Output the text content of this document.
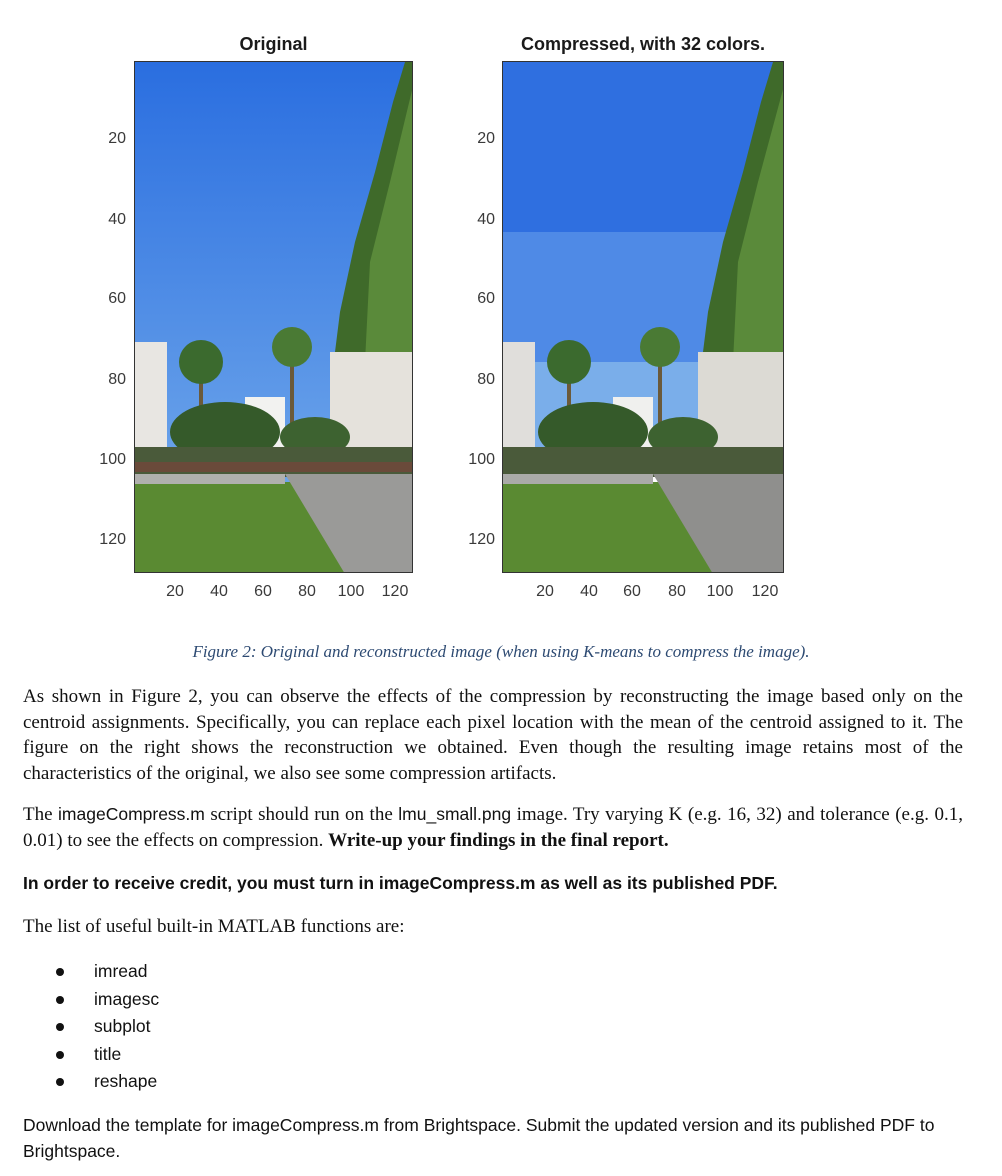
Original	Compressed, with 32 colors.
20
40
60
80
100
120
20
40
60
80
100
120
20	40	60	80	100	120	20	40	60	80	100	120
Figure 2: Original and reconstructed image (when using K-means to compress the image).
As shown in Figure 2, you can observe the effects of the compression by reconstructing the image based only on the centroid assignments. Specifically, you can replace each pixel location with the mean of the centroid assigned to it. The figure on the right shows the reconstruction we obtained. Even though the resulting image retains most of the characteristics of the original, we also see some compression artifacts.
The imageCompress.m script should run on the lmu_small.png image. Try varying K (e.g. 16, 32) and tolerance (e.g. 0.1, 0.01) to see the effects on compression. Write-up your findings in the final report.
In order to receive credit, you must turn in imageCompress.m as well as its published PDF.
The list of useful built-in MATLAB functions are:
imread
imagesc
subplot
title
reshape
Download the template for imageCompress.m from Brightspace. Submit the updated version and its published PDF to Brightspace.
